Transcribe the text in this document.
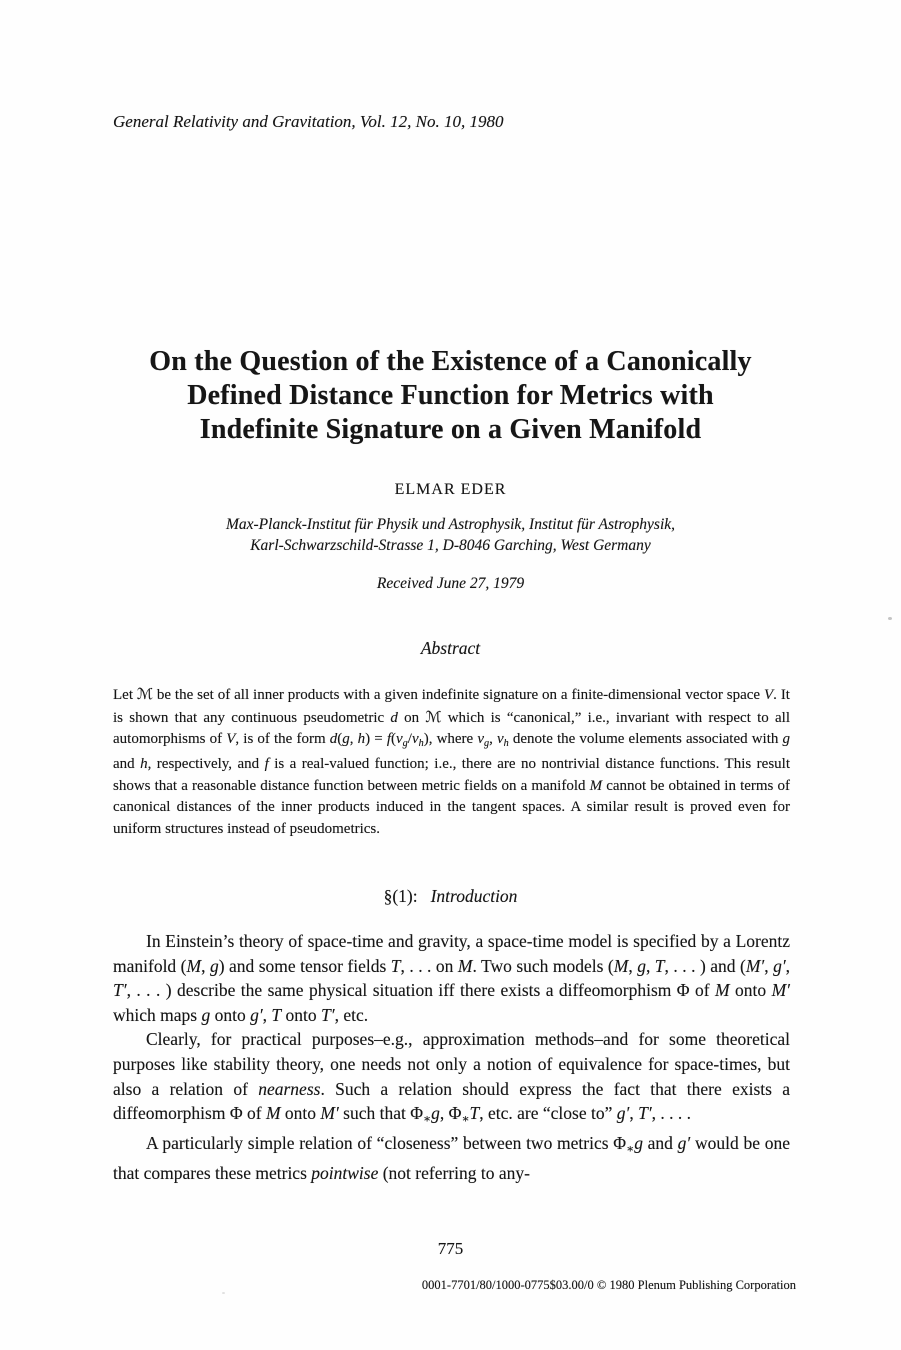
General Relativity and Gravitation, Vol. 12, No. 10, 1980
On the Question of the Existence of a Canonically
Defined Distance Function for Metrics with
Indefinite Signature on a Given Manifold
ELMAR EDER
Max-Planck-Institut für Physik und Astrophysik, Institut für Astrophysik,
Karl-Schwarzschild-Strasse 1, D-8046 Garching, West Germany
Received June 27, 1979
Abstract
Let ℳ be the set of all inner products with a given indefinite signature on a finite-dimensional vector space V. It is shown that any continuous pseudometric d on ℳ which is “canonical,” i.e., invariant with respect to all automorphisms of V, is of the form d(g, h) = f(vg/vh), where vg, vh denote the volume elements associated with g and h, respectively, and f is a real-valued function; i.e., there are no nontrivial distance functions. This result shows that a reasonable distance function between metric fields on a manifold M cannot be obtained in terms of canonical distances of the inner products induced in the tangent spaces. A similar result is proved even for uniform structures instead of pseudometrics.
§(1): Introduction

In Einstein’s theory of space-time and gravity, a space-time model is specified by a Lorentz manifold (M, g) and some tensor fields T, . . . on M. Two such models (M, g, T, . . . ) and (M′, g′, T′, . . . ) describe the same physical situation iff there exists a diffeomorphism Φ of M onto M′ which maps g onto g′, T onto T′, etc.

Clearly, for practical purposes–e.g., approximation methods–and for some theoretical purposes like stability theory, one needs not only a notion of equivalence for space-times, but also a relation of nearness. Such a relation should express the fact that there exists a diffeomorphism Φ of M onto M′ such that Φ∗g, Φ∗T, etc. are “close to” g′, T′, . . . .

A particularly simple relation of “closeness” between two metrics Φ∗g and g′ would be one that compares these metrics pointwise (not referring to any-

775
0001-7701/80/1000-0775$03.00/0 © 1980 Plenum Publishing Corporation
